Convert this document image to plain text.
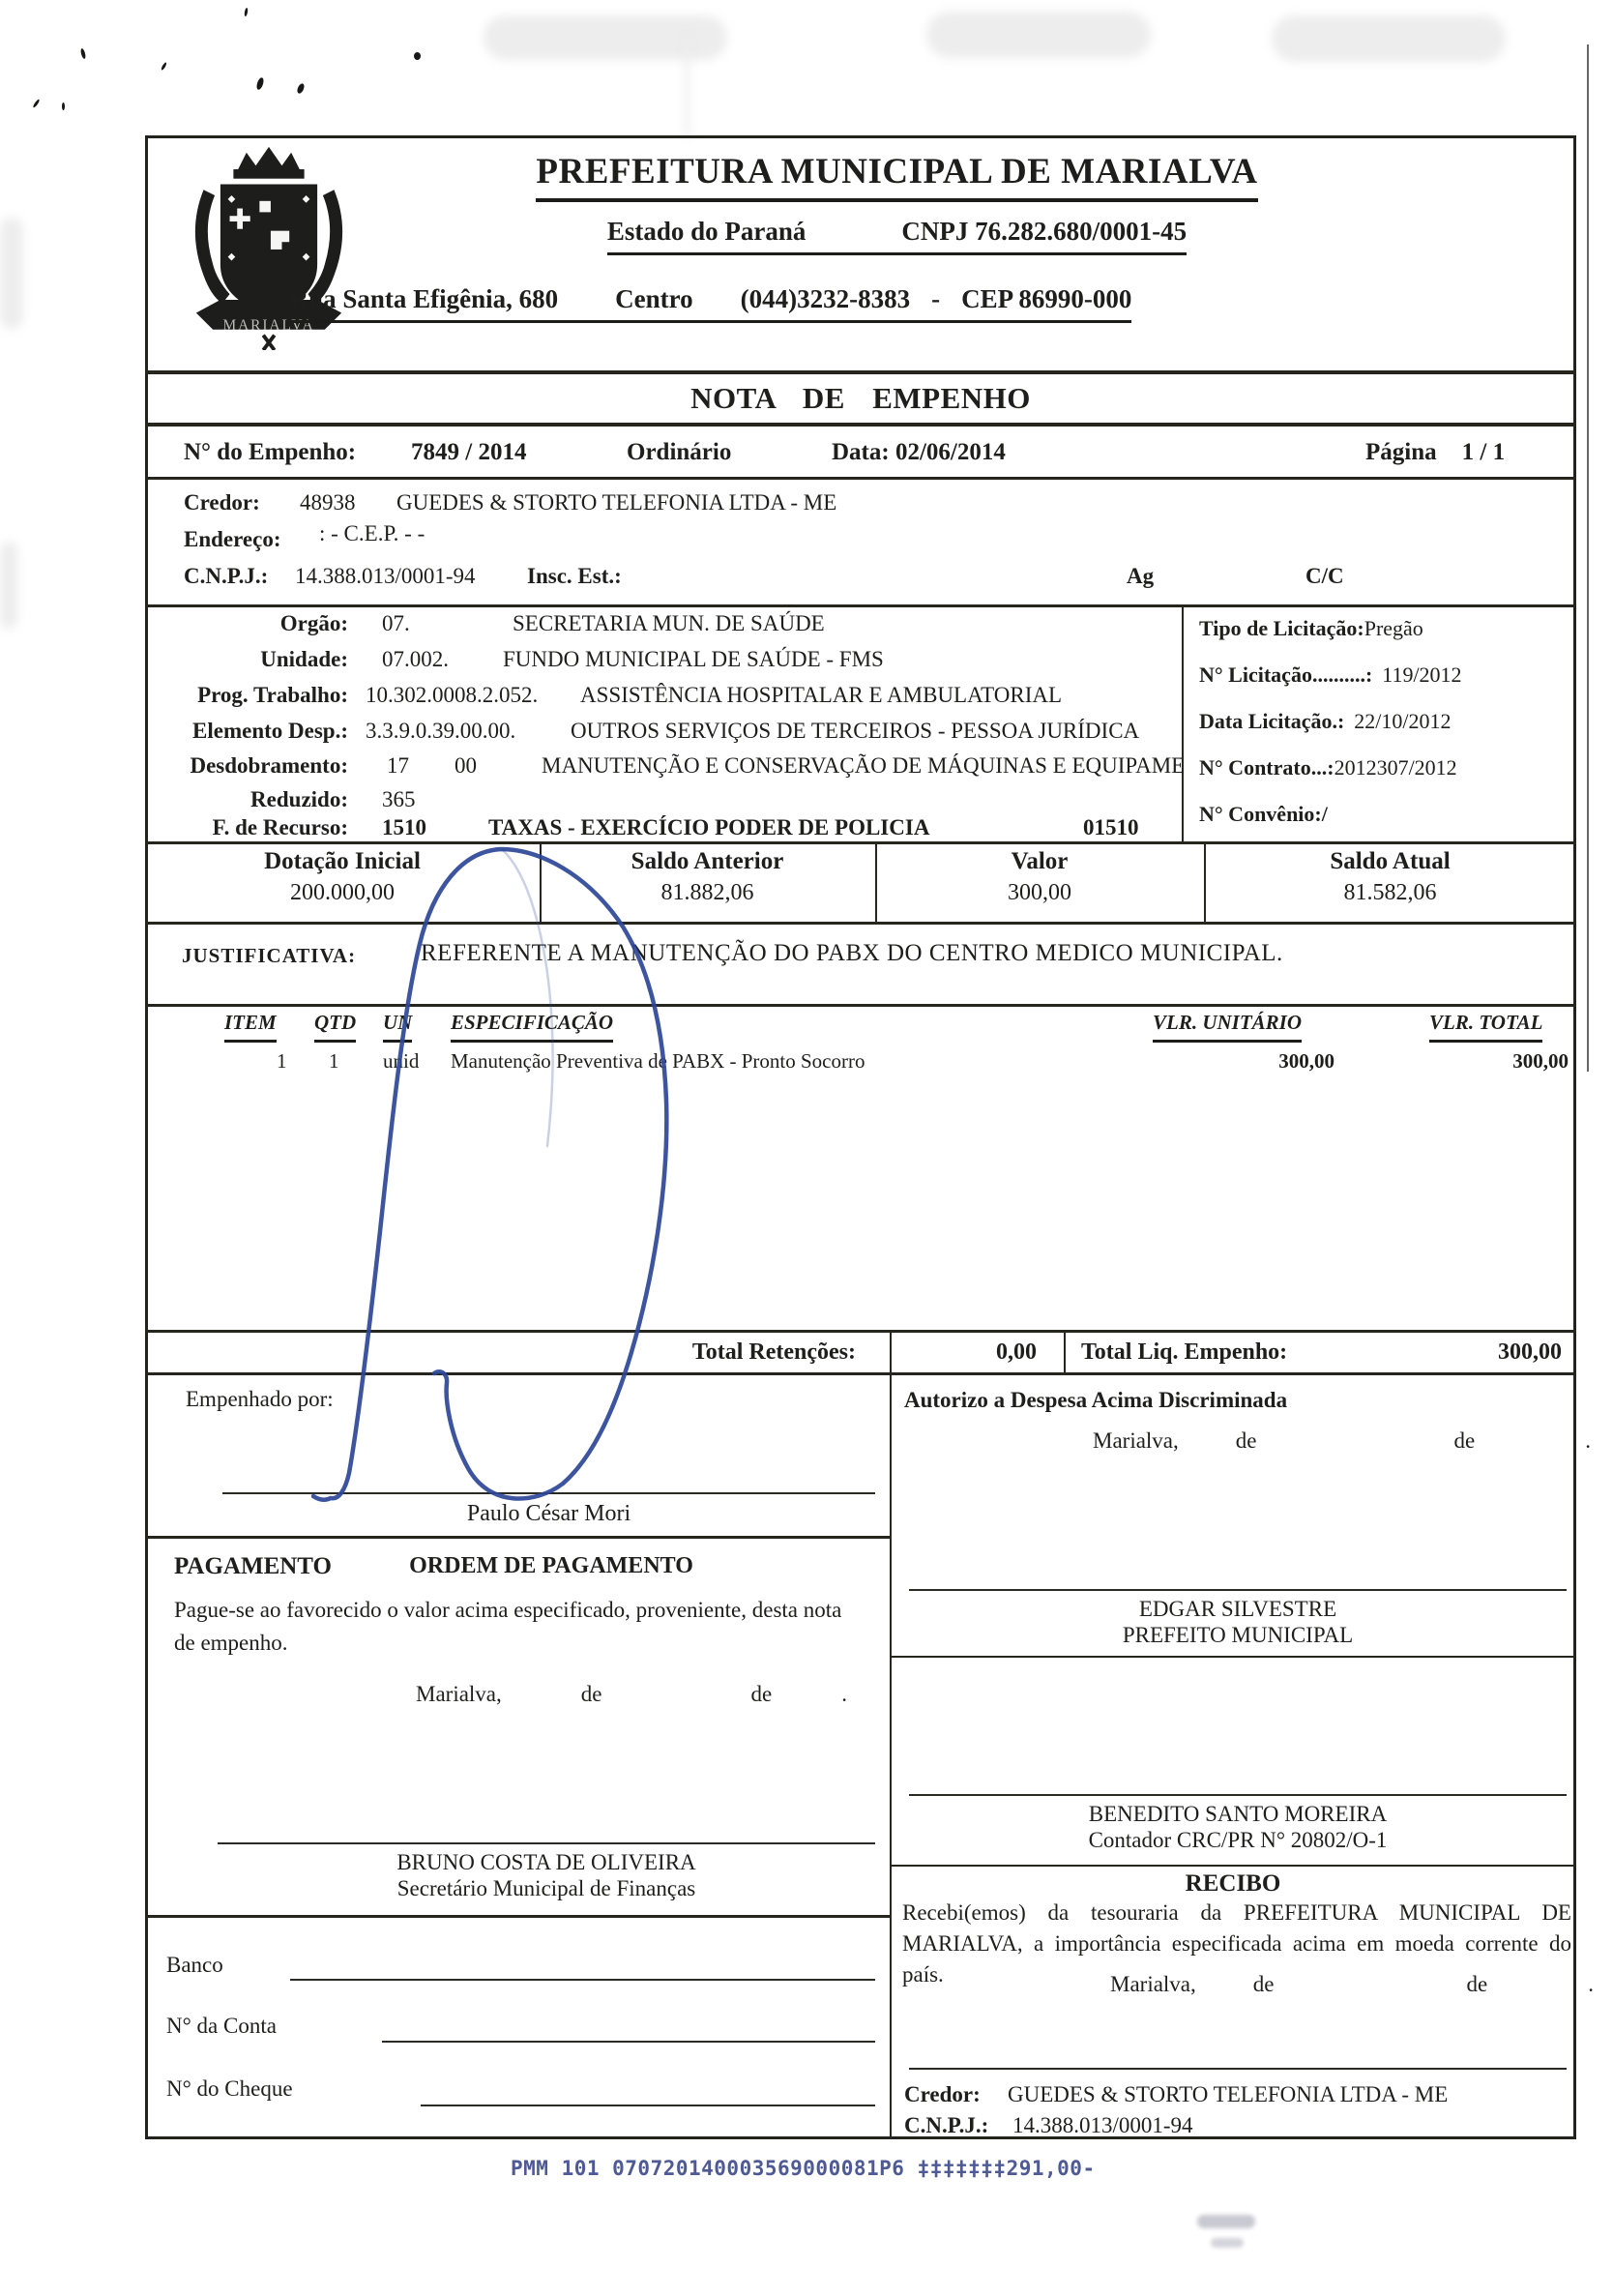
MARIALVA
PREFEITURA MUNICIPAL DE MARIALVA
Estado do Paraná	CNPJ 76.282.680/0001-45
Rua Santa Efigênia, 680 Centro (044)3232-8383 - CEP 86990-000
NOTA DE EMPENHO
N° do Empenho: 7849 / 2014	Ordinário	Data: 02/06/2014	Página 1 / 1
Credor: 48938 GUEDES & STORTO TELEFONIA LTDA - ME
Endereço: : - C.E.P. - -
C.N.P.J.: 14.388.013/0001-94 Insc. Est.:	Ag	C/C
Orgão: 07.	SECRETARIA MUN. DE SAÚDE
Unidade: 07.002. FUNDO MUNICIPAL DE SAÚDE - FMS
Prog. Trabalho: 10.302.0008.2.052. ASSISTÊNCIA HOSPITALAR E AMBULATORIAL
Elemento Desp.: 3.3.9.0.39.00.00. OUTROS SERVIÇOS DE TERCEIROS - PESSOA JURÍDICA
Desdobramento: 17 00	MANUTENÇÃO E CONSERVAÇÃO DE MÁQUINAS E EQUIPAME
Reduzido: 365
F. de Recurso: 1510	TAXAS - EXERCÍCIO PODER DE POLICIA	01510
Tipo de Licitação:Pregão
N° Licitação..........: 119/2012
Data Licitação.: 22/10/2012
N° Contrato...:2012307/2012
N° Convênio:/
Dotação Inicial	Saldo Anterior	Valor	Saldo Atual
200.000,00	81.882,06	300,00	81.582,06
JUSTIFICATIVA:	REFERENTE A MANUTENÇÃO DO PABX DO CENTRO MEDICO MUNICIPAL.
ITEM QTD UN ESPECIFICAÇÃO	VLR. UNITÁRIO	VLR. TOTAL
1 1 unid Manutenção Preventiva de PABX - Pronto Socorro	300,00	300,00
Total Retenções:	0,00 Total Liq. Empenho:	300,00
Empenhado por:
Paulo César Mori
PAGAMENTO	ORDEM DE PAGAMENTO
Pague-se ao favorecido o valor acima especificado, proveniente, desta nota de empenho.
Marialva,	de	de	.
BRUNO COSTA DE OLIVEIRA
Secretário Municipal de Finanças
Banco
N° da Conta
N° do Cheque
Autorizo a Despesa Acima Discriminada
Marialva,	de	de	.
EDGAR SILVESTRE
PREFEITO MUNICIPAL
BENEDITO SANTO MOREIRA
Contador CRC/PR N° 20802/O-1
RECIBO
Recebi(emos) da tesouraria da PREFEITURA MUNICIPAL DE MARIALVA, a importância especificada acima em moeda corrente do país.	Marialva,	de	de	.
Credor: GUEDES & STORTO TELEFONIA LTDA - ME
C.N.P.J.: 14.388.013/0001-94
PMM 101 070720140003569000081P6 ‡‡‡‡‡‡‡291,00-
